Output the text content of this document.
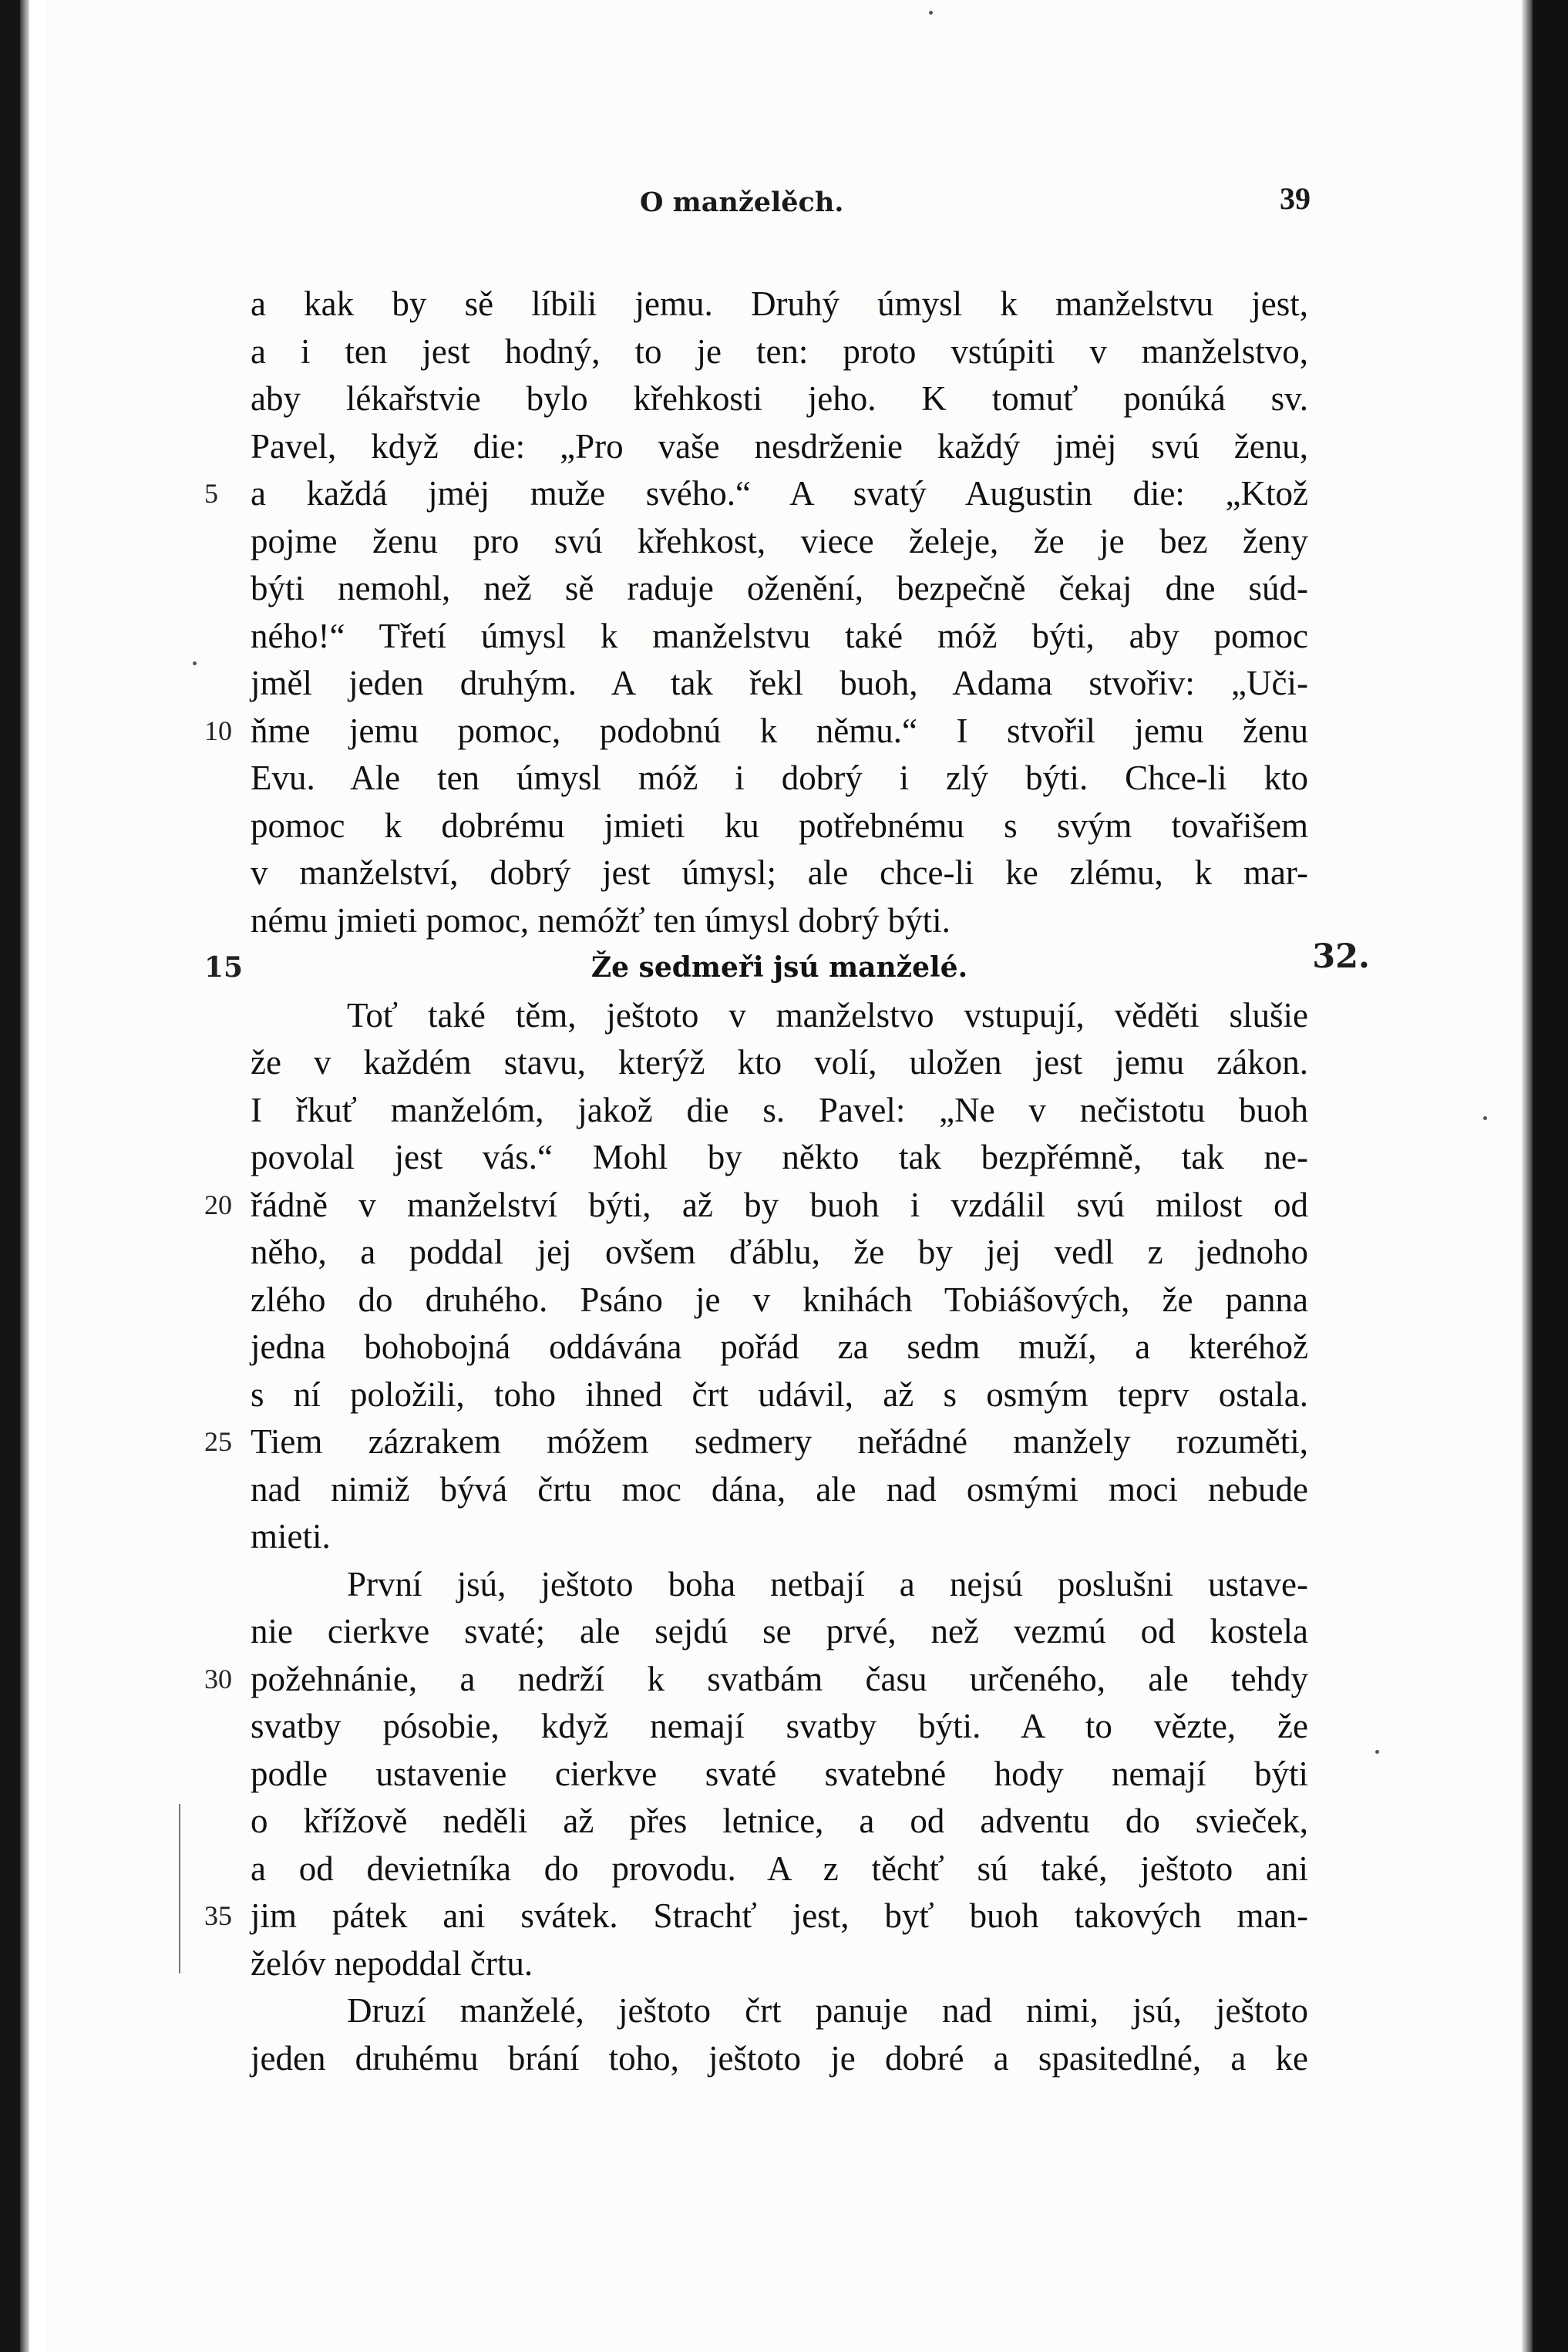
O manželěch.	39
a kak by sě líbili jemu. Druhý úmysl k manželstvu jest,
a i ten jest hodný, to je ten: proto vstúpiti v manželstvo,
aby lékařstvie bylo křehkosti jeho. K tomuť ponúká sv.
Pavel, když die: „Pro vaše nesdrženie každý jmėj svú ženu,
a každá jmėj muže svého.“ A svatý Augustin die: „Ktož
5
pojme ženu pro svú křehkost, viece želeje, že je bez ženy
býti nemohl, než sě raduje oženění, bezpečně čekaj dne súd-
ného!“ Třetí úmysl k manželstvu také móž býti, aby pomoc
jměl jeden druhým. A tak řekl buoh, Adama stvořiv: „Uči-
ňme jemu pomoc, podobnú k němu.“ I stvořil jemu ženu
10
Evu. Ale ten úmysl móž i dobrý i zlý býti. Chce-li kto
pomoc k dobrému jmieti ku potřebnému s svým tovařišem
v manželství, dobrý jest úmysl; ale chce-li ke zlému, k mar-
nému jmieti pomoc, nemóžť ten úmysl dobrý býti.
Že sedmeři jsú manželé.
15	32.
Toť také těm, ještoto v manželstvo vstupují, věděti slušie
že v každém stavu, kterýž kto volí, uložen jest jemu zákon.
I řkuť manželóm, jakož die s. Pavel: „Ne v nečistotu buoh
povolal jest vás.“ Mohl by někto tak bezpřémně, tak ne-
řádně v manželství býti, až by buoh i vzdálil svú milost od
20
něho, a poddal jej ovšem ďáblu, že by jej vedl z jednoho
zlého do druhého. Psáno je v knihách Tobiášových, že panna
jedna bohobojná oddávána pořád za sedm muží, a kteréhož
s ní položili, toho ihned črt udávil, až s osmým teprv ostala.
Tiem zázrakem móžem sedmery neřádné manžely rozuměti,
25
nad nimiž bývá črtu moc dána, ale nad osmými moci nebude
mieti.
První jsú, ještoto boha netbají a nejsú poslušni ustave-
nie cierkve svaté; ale sejdú se prvé, než vezmú od kostela
požehnánie, a nedrží k svatbám času určeného, ale tehdy
30
svatby pósobie, když nemají svatby býti. A to vězte, že
podle ustavenie cierkve svaté svatebné hody nemají býti
o křížově neděli až přes letnice, a od adventu do svieček,
a od devietníka do provodu. A z těchť sú také, ještoto ani
jim pátek ani svátek. Strachť jest, byť buoh takových man-
35
želóv nepoddal črtu.
Druzí manželé, ještoto črt panuje nad nimi, jsú, ještoto
jeden druhému brání toho, ještoto je dobré a spasitedlné, a ke
